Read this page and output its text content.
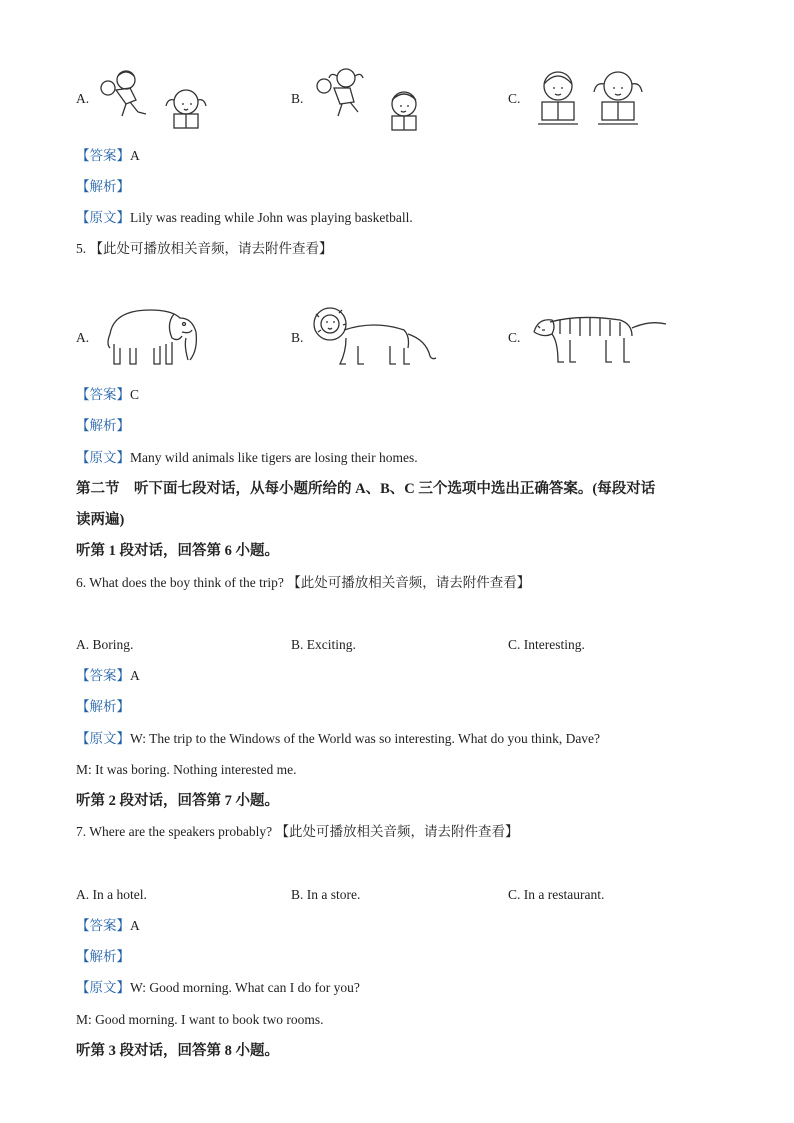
A.	B.	C.
【答案】A
【解析】
【原文】Lily was reading while John was playing basketball.
5. 【此处可播放相关音频，请去附件查看】
A.	B.	C.
【答案】C
【解析】
【原文】Many wild animals like tigers are losing their homes.
第二节　听下面七段对话，从每小题所给的 A、B、C 三个选项中选出正确答案。(每段对话
读两遍)
听第 1 段对话，回答第 6 小题。
6. What does the boy think of the trip? 【此处可播放相关音频，请去附件查看】
A. Boring.	B. Exciting.	C. Interesting.
【答案】A
【解析】
【原文】W: The trip to the Windows of the World was so interesting. What do you think, Dave?
M: It was boring. Nothing interested me.
听第 2 段对话，回答第 7 小题。
7. Where are the speakers probably? 【此处可播放相关音频，请去附件查看】
A. In a hotel.	B. In a store.	C. In a restaurant.
【答案】A
【解析】
【原文】W: Good morning. What can I do for you?
M: Good morning. I want to book two rooms.
听第 3 段对话，回答第 8 小题。
